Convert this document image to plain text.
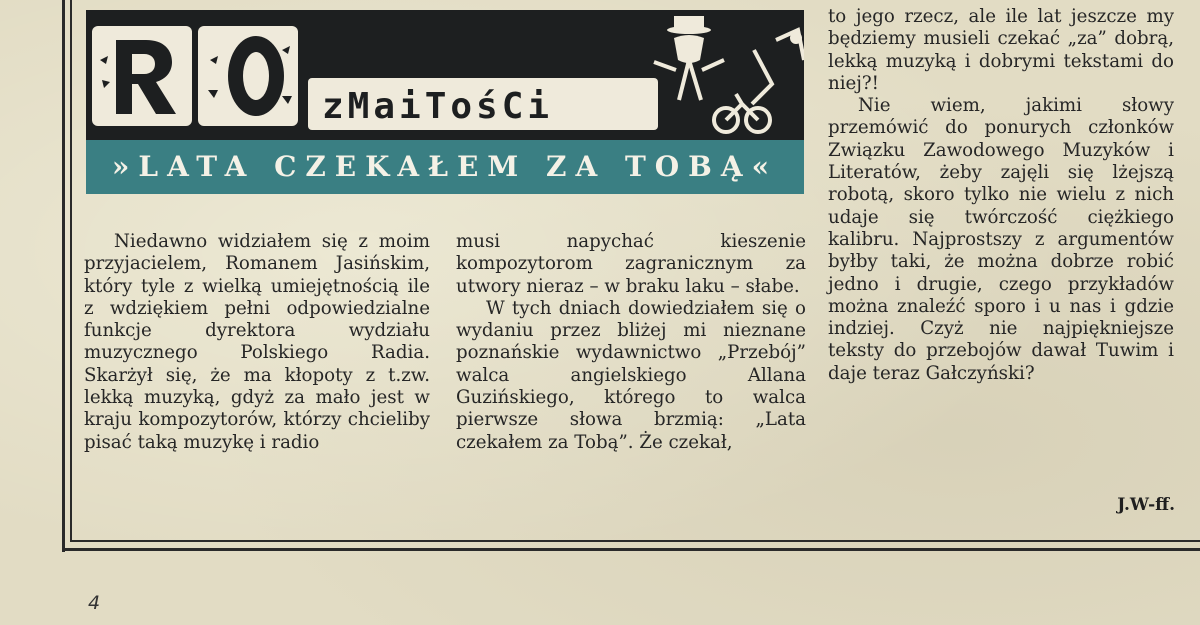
zMaiTośCi
»LATA CZEKAŁEM ZA TOBĄ«

Niedawno widziałem się z moim przyjacielem, Romanem Jasińskim, który tyle z wielką umiejętnością ile z wdziękiem pełni odpowiedzialne funkcje dyrektora wydziału muzycznego Polskiego Radia. Skarżył się, że ma kłopoty z t.zw. lekką muzyką, gdyż za mało jest w kraju kompozytorów, którzy chcieliby pisać taką muzykę i radio

musi napychać kieszenie kompozytorom zagranicznym za utwory nieraz – w braku laku – słabe.

W tych dniach dowiedziałem się o wydaniu przez bliżej mi nieznane poznańskie wydawnictwo „Przebój” walca angielskiego Allana Guzińskiego, którego to walca pierwsze słowa brzmią: „Lata czekałem za Tobą”. Że czekał,

to jego rzecz, ale ile lat jeszcze my będziemy musieli czekać „za” dobrą, lekką muzyką i dobrymi tekstami do niej?!

Nie wiem, jakimi słowy przemówić do ponurych członków Związku Zawodowego Muzyków i Literatów, żeby zajęli się lżejszą robotą, skoro tylko nie wielu z nich udaje się twórczość ciężkiego kalibru. Najprostszy z argumentów byłby taki, że można dobrze robić jedno i drugie, czego przykładów można znaleźć sporo i u nas i gdzie indziej. Czyż nie najpiękniejsze teksty do przebojów dawał Tuwim i daje teraz Gałczyński?

J.W-ff.
4
